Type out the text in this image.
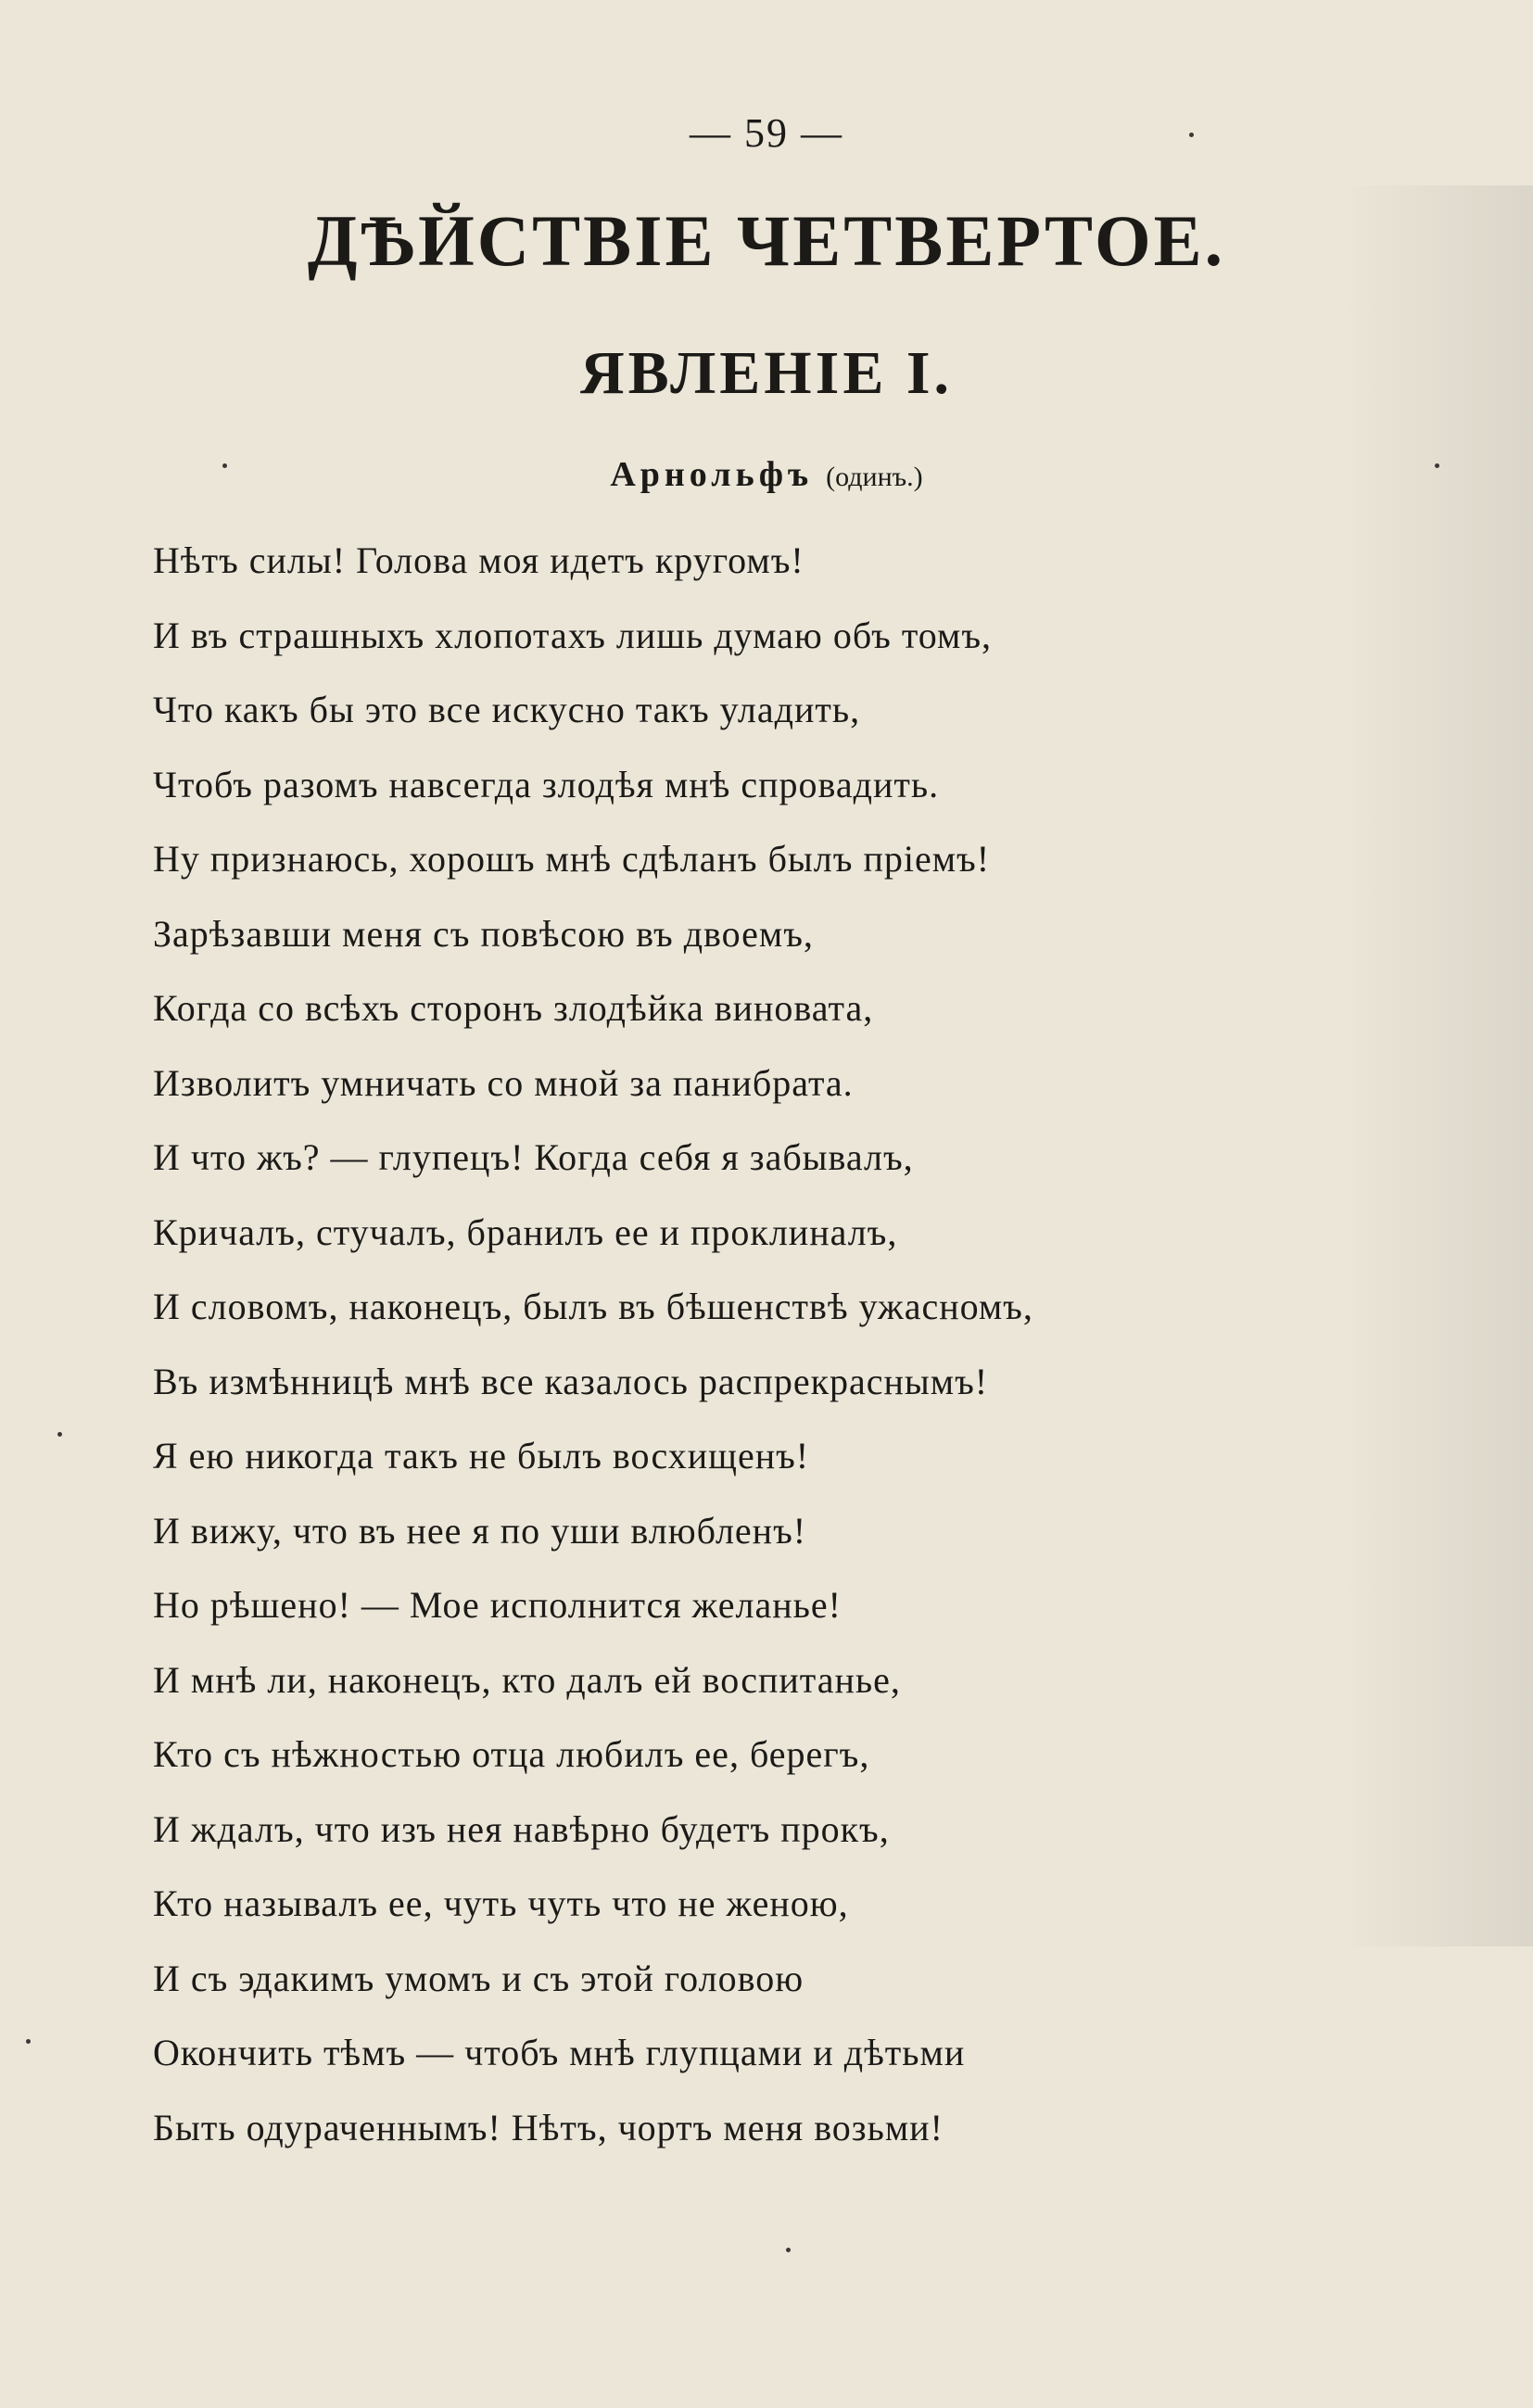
— 59 —
ДѢЙСТВІЕ ЧЕТВЕРТОЕ.
ЯВЛЕНІЕ I.
Арнольфъ (одинъ.)
Нѣтъ силы! Голова моя идетъ кругомъ!
И въ страшныхъ хлопотахъ лишь думаю объ томъ,
Что какъ бы это все искусно такъ уладить,
Чтобъ разомъ навсегда злодѣя мнѣ спровадить.
Ну признаюсь, хорошъ мнѣ сдѣланъ былъ пріемъ!
Зарѣзавши меня съ повѣсою въ двоемъ,
Когда со всѣхъ сторонъ злодѣйка виновата,
Изволитъ умничать со мной за панибрата.
И что жъ? — глупецъ! Когда себя я забывалъ,
Кричалъ, стучалъ, бранилъ ее и проклиналъ,
И словомъ, наконецъ, былъ въ бѣшенствѣ ужасномъ,
Въ измѣнницѣ мнѣ все казалось распрекраснымъ!
Я ею никогда такъ не былъ восхищенъ!
И вижу, что въ нее я по уши влюбленъ!
Но рѣшено! — Мое исполнится желанье!
И мнѣ ли, наконецъ, кто далъ ей воспитанье,
Кто съ нѣжностью отца любилъ ее, берегъ,
И ждалъ, что изъ нея навѣрно будетъ прокъ,
Кто называлъ ее, чуть чуть что не женою,
И съ эдакимъ умомъ и съ этой головою
Окончить тѣмъ — чтобъ мнѣ глупцами и дѣтьми
Быть одураченнымъ! Нѣтъ, чортъ меня возьми!
